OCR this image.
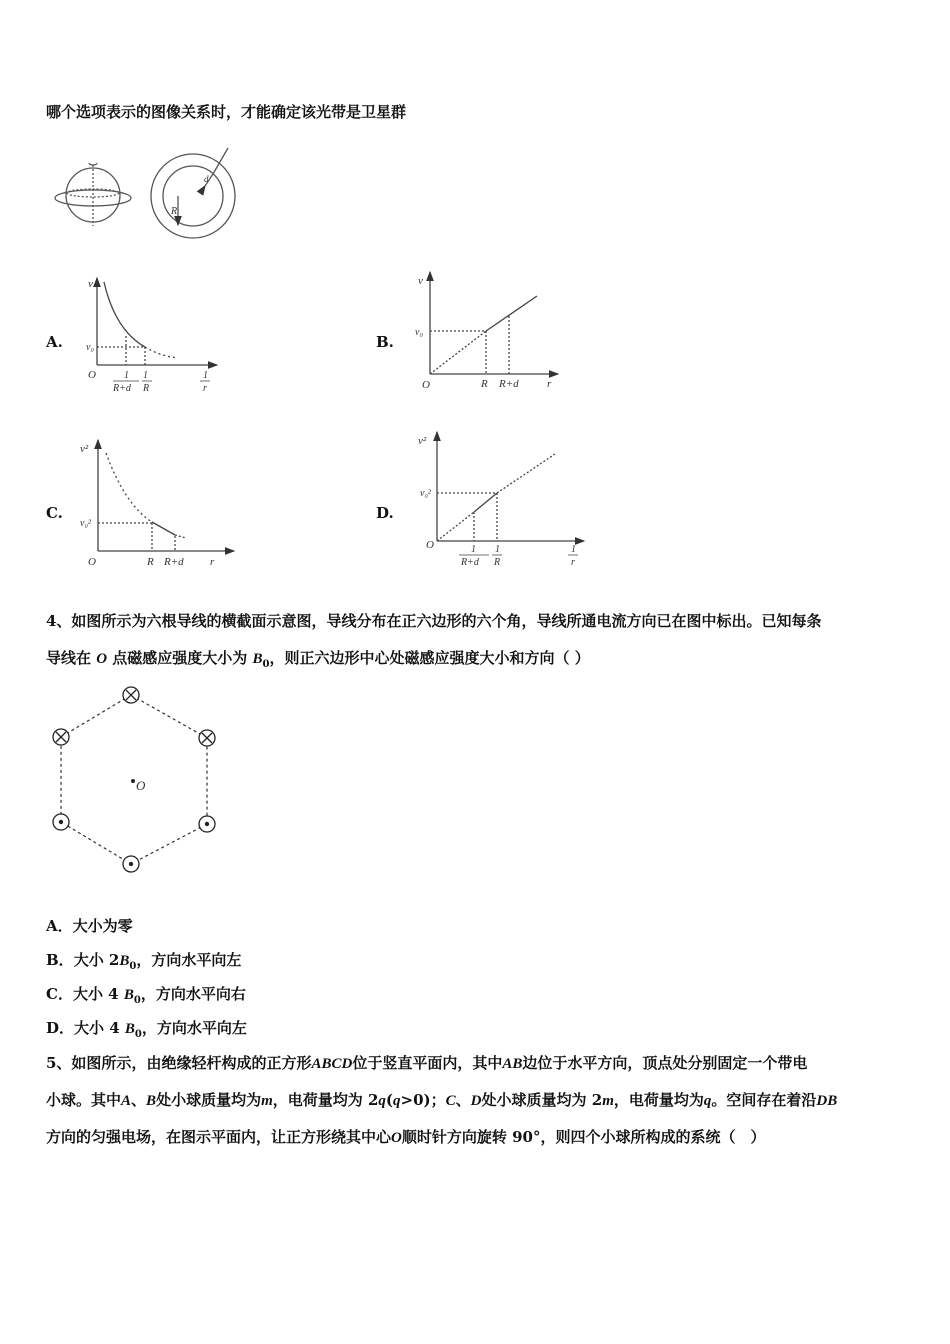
哪个选项表示的图像关系时，才能确定该光带是卫星群
A.	B.
C.	D.
R
d
v
v₀
O	1
R+d
1
R
1
r
v
v₀
O	R R+d	r
v²
v₀²
O	R R+d r
v²
v₀²
O	1
R+d
1
R
1
r
O
4、如图所示为六根导线的横截面示意图，导线分布在正六边形的六个角，导线所通电流方向已在图中标出。已知每条
导线在 O 点磁感应强度大小为 $B_0$，则正六边形中心处磁感应强度大小和方向（ ）
A．大小为零
B．大小 $2B_0$，方向水平向左
C．大小 4 $B_0$，方向水平向右
D．大小 4 $B_0$，方向水平向左
5、如图所示，由绝缘轻杆构成的正方形ABCD位于竖直平面内，其中AB边位于水平方向，顶点处分别固定一个带电
小球。其中A、B处小球质量均为m，电荷量均为 2q(q>0)；C、D处小球质量均为 2m，电荷量均为q。空间存在着沿DB
方向的匀强电场，在图示平面内，让正方形绕其中心O顺时针方向旋转 90°，则四个小球所构成的系统（　）
